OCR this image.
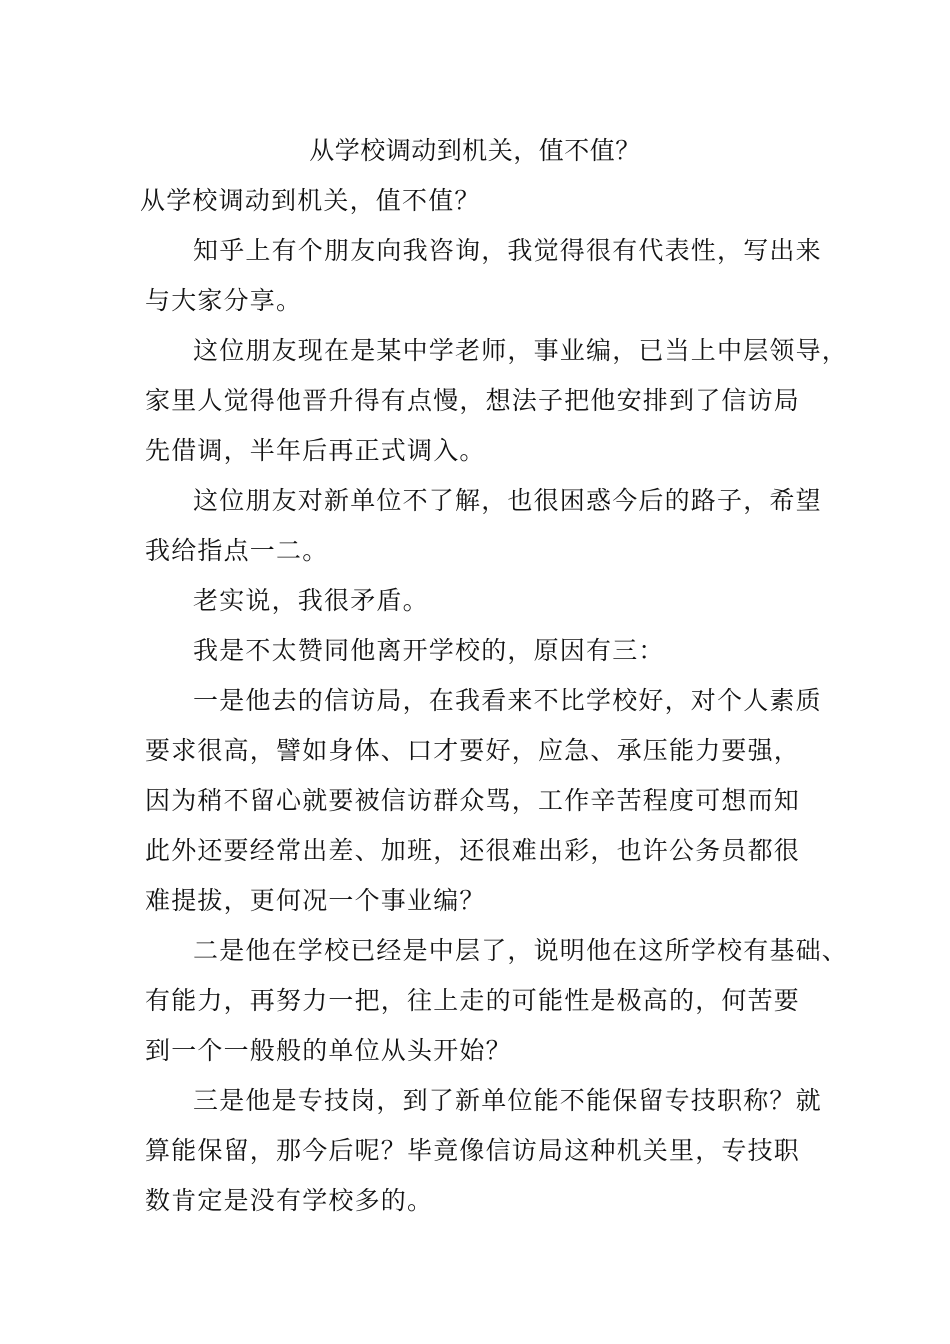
从学校调动到机关，值不值？
从学校调动到机关，值不值？
知乎上有个朋友向我咨询，我觉得很有代表性，写出来
与大家分享。
这位朋友现在是某中学老师，事业编，已当上中层领导，
家里人觉得他晋升得有点慢，想法子把他安排到了信访局
先借调，半年后再正式调入。
这位朋友对新单位不了解，也很困惑今后的路子，希望
我给指点一二。
老实说，我很矛盾。
我是不太赞同他离开学校的，原因有三：
一是他去的信访局，在我看来不比学校好，对个人素质
要求很高，譬如身体、口才要好，应急、承压能力要强，
因为稍不留心就要被信访群众骂，工作辛苦程度可想而知
此外还要经常出差、加班，还很难出彩，也许公务员都很
难提拔，更何况一个事业编？
二是他在学校已经是中层了，说明他在这所学校有基础、
有能力，再努力一把，往上走的可能性是极高的，何苦要
到一个一般般的单位从头开始？
三是他是专技岗，到了新单位能不能保留专技职称？就
算能保留，那今后呢？毕竟像信访局这种机关里，专技职
数肯定是没有学校多的。
